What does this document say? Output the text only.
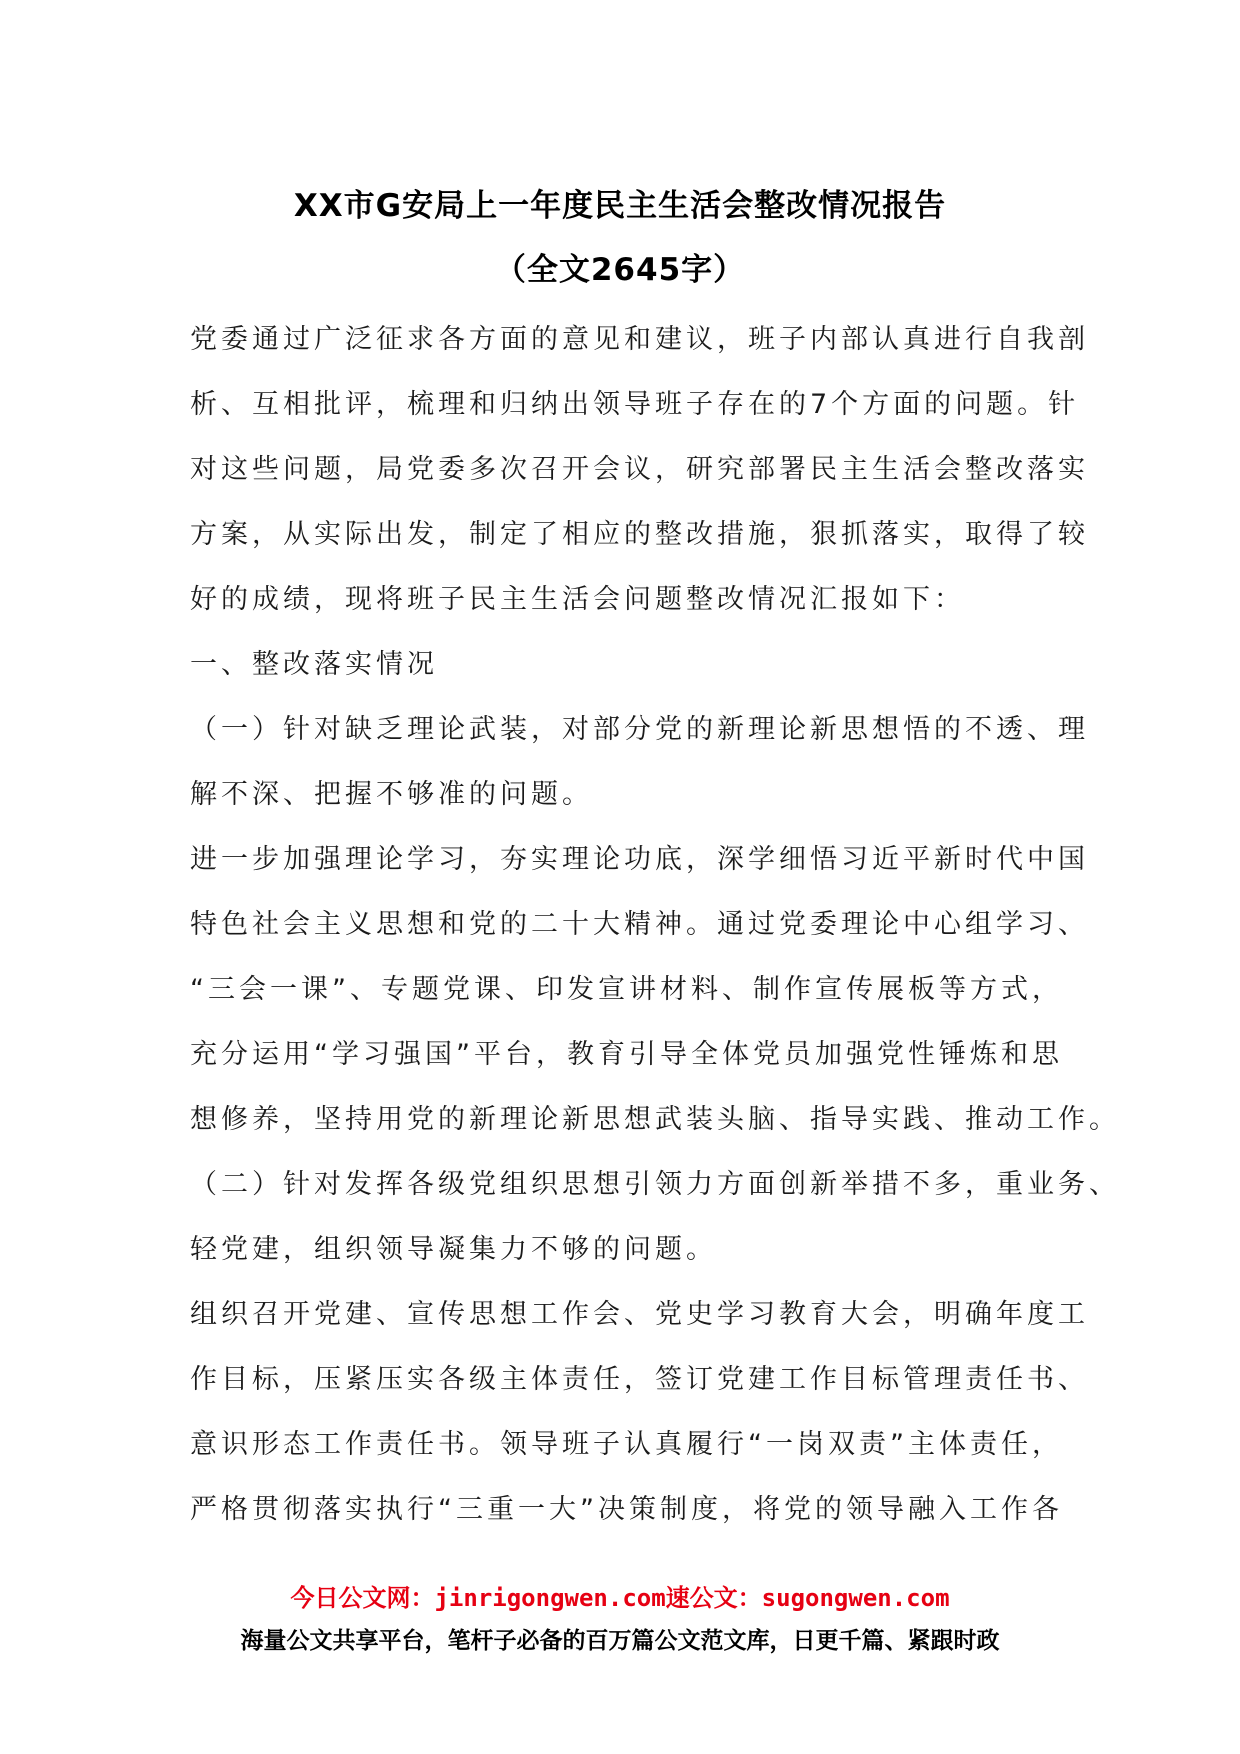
XX市G安局上一年度民主生活会整改情况报告
（全文2645字）
党委通过广泛征求各方面的意见和建议，班子内部认真进行自我剖
析、互相批评，梳理和归纳出领导班子存在的7个方面的问题。针
对这些问题，局党委多次召开会议，研究部署民主生活会整改落实
方案，从实际出发，制定了相应的整改措施，狠抓落实，取得了较
好的成绩，现将班子民主生活会问题整改情况汇报如下：
一、整改落实情况
（一）针对缺乏理论武装，对部分党的新理论新思想悟的不透、理
解不深、把握不够准的问题。
进一步加强理论学习，夯实理论功底，深学细悟习近平新时代中国
特色社会主义思想和党的二十大精神。通过党委理论中心组学习、
“三会一课”、专题党课、印发宣讲材料、制作宣传展板等方式，
充分运用“学习强国”平台，教育引导全体党员加强党性锤炼和思
想修养，坚持用党的新理论新思想武装头脑、指导实践、推动工作。
（二）针对发挥各级党组织思想引领力方面创新举措不多，重业务、
轻党建，组织领导凝集力不够的问题。
组织召开党建、宣传思想工作会、党史学习教育大会，明确年度工
作目标，压紧压实各级主体责任，签订党建工作目标管理责任书、
意识形态工作责任书。领导班子认真履行“一岗双责”主体责任，
严格贯彻落实执行“三重一大”决策制度，将党的领导融入工作各
今日公文网：jinrigongwen.com速公文：sugongwen.com
海量公文共享平台，笔杆子必备的百万篇公文范文库，日更千篇、紧跟时政
